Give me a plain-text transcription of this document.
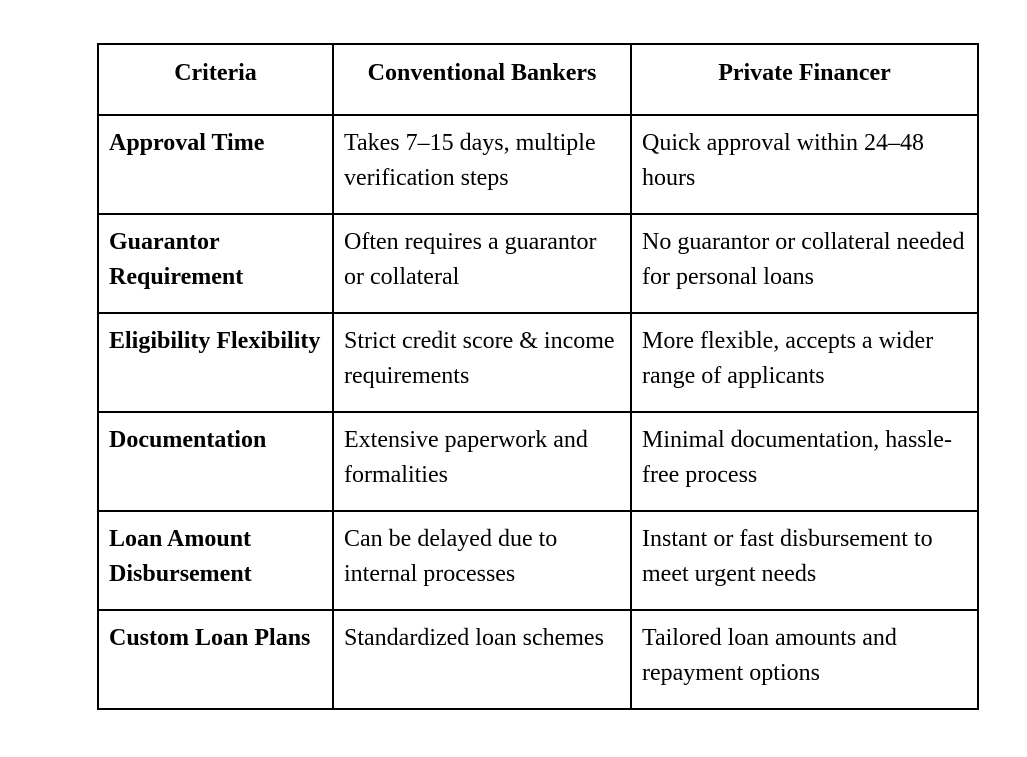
Criteria	Conventional Bankers	Private Financer
Approval Time	Takes 7–15 days, multiple verification steps	Quick approval within 24–48 hours
Guarantor Requirement	Often requires a guarantor or collateral	No guarantor or collateral needed for personal loans
Eligibility Flexibility	Strict credit score & income requirements	More flexible, accepts a wider range of applicants
Documentation	Extensive paperwork and formalities	Minimal documentation, hassle-free process
Loan Amount Disbursement	Can be delayed due to internal processes	Instant or fast disbursement to meet urgent needs
Custom Loan Plans	Standardized loan schemes	Tailored loan amounts and repayment options
